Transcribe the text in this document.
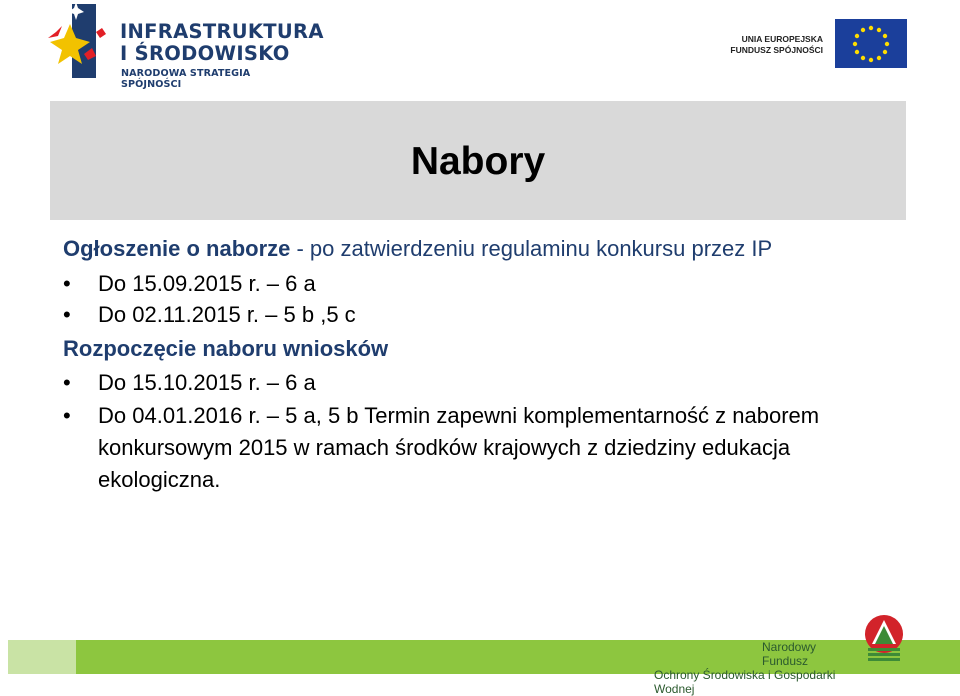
INFRASTRUKTURA
I ŚRODOWISKO
NARODOWA STRATEGIA SPÓJNOŚCI
UNIA EUROPEJSKA
FUNDUSZ SPÓJNOŚCI
Nabory

Ogłoszenie o naborze - po zatwierdzeniu regulaminu konkursu przez IP

• Do 15.09.2015 r. – 6 a
• Do 02.11.2015 r. – 5 b ,5 c

Rozpoczęcie naboru wniosków

• Do 15.10.2015 r. – 6 a
• Do 04.01.2016 r. – 5 a, 5 b Termin zapewni komplementarność z naborem konkursowym 2015 w ramach środków krajowych z dziedziny edukacja ekologiczna.
Narodowy Fundusz
Ochrony Środowiska i Gospodarki Wodnej
